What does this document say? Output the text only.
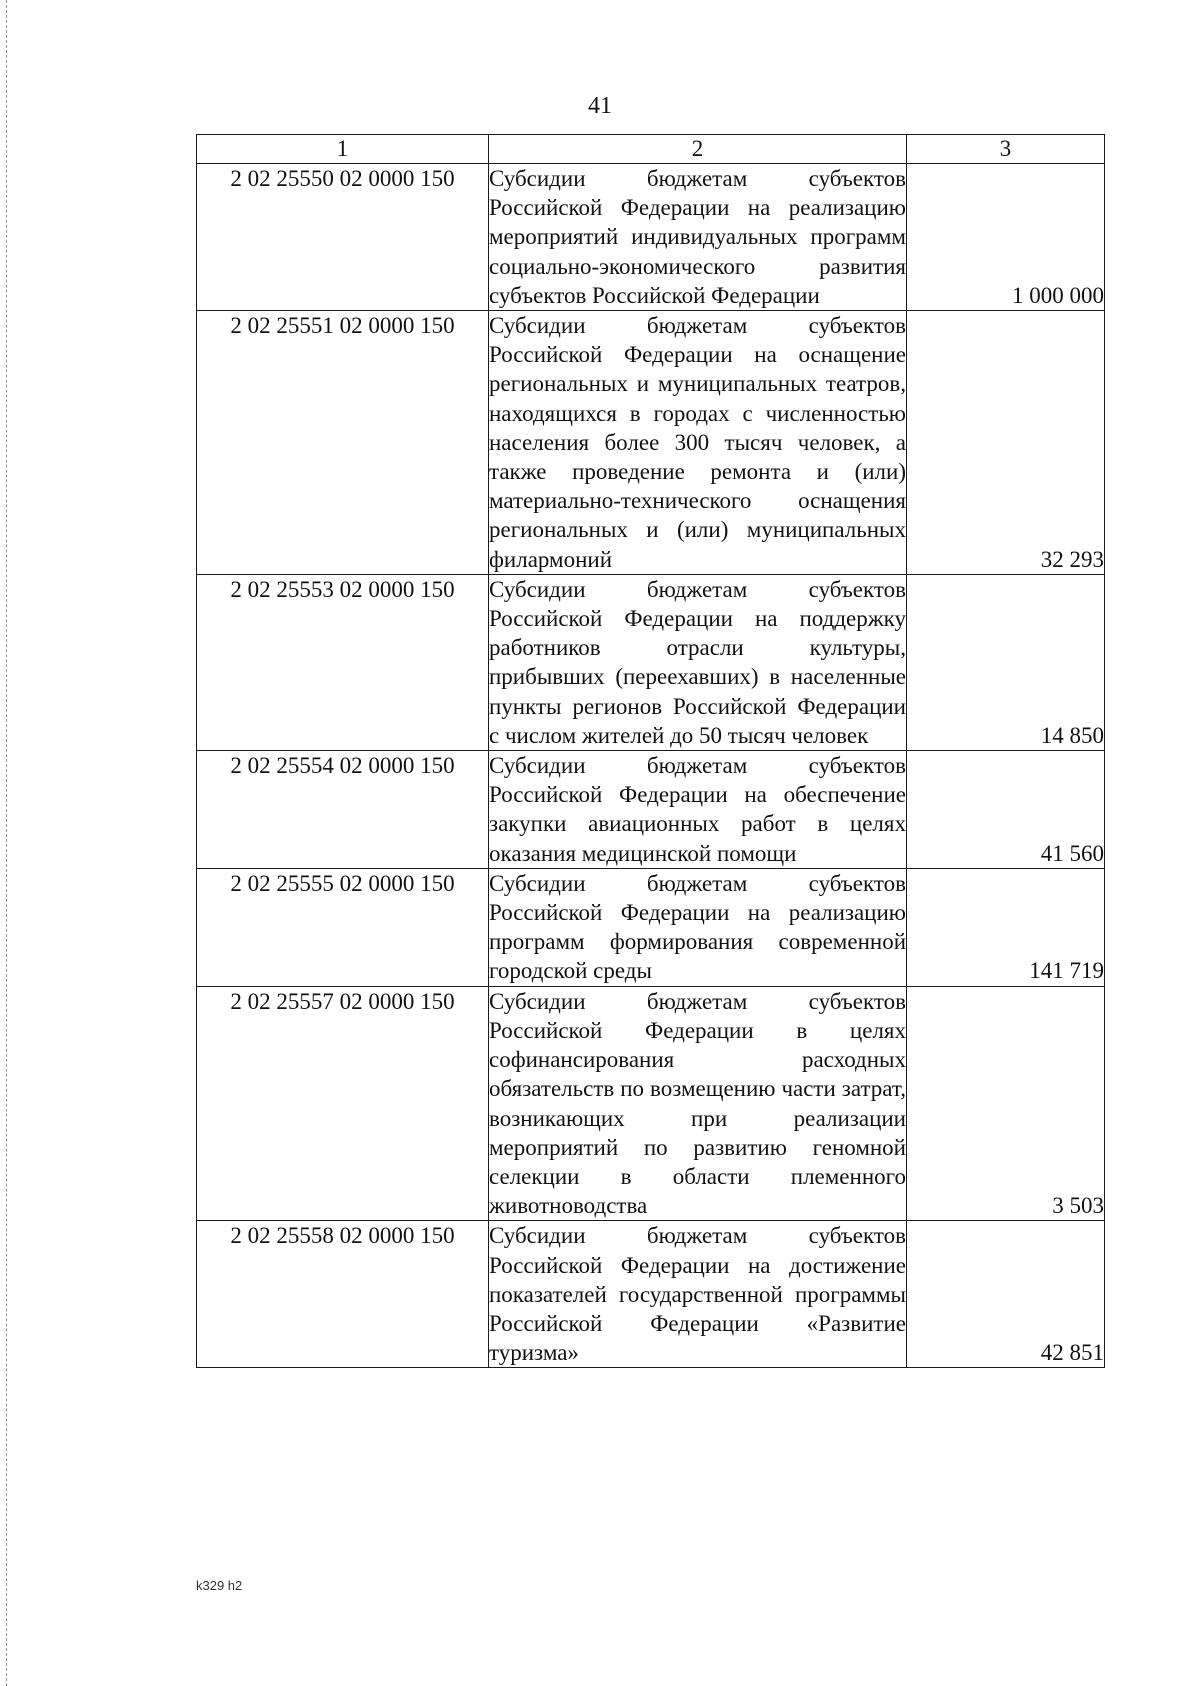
41
1	2	3
2 02 25550 02 0000 150	Субсидии бюджетам субъектов Российской Федерации на реализацию мероприятий индивидуальных программ социально-экономического развития субъектов Российской Федерации	1 000 000
2 02 25551 02 0000 150	Субсидии бюджетам субъектов Российской Федерации на оснащение региональных и муниципальных театров, находящихся в городах с численностью населения более 300 тысяч человек, а также проведение ремонта и (или) материально-технического оснащения региональных и (или) муниципальных филармоний	32 293
2 02 25553 02 0000 150	Субсидии бюджетам субъектов Российской Федерации на поддержку работников отрасли культуры, прибывших (переехавших) в населенные пункты регионов Российской Федерации с числом жителей до 50 тысяч человек	14 850
2 02 25554 02 0000 150	Субсидии бюджетам субъектов Российской Федерации на обеспечение закупки авиационных работ в целях оказания медицинской помощи	41 560
2 02 25555 02 0000 150	Субсидии бюджетам субъектов Российской Федерации на реализацию программ формирования современной городской среды	141 719
2 02 25557 02 0000 150	Субсидии бюджетам субъектов Российской Федерации в целях софинансирования расходных обязательств по возмещению части затрат, возникающих при реализации мероприятий по развитию геномной селекции в области племенного животноводства	3 503
2 02 25558 02 0000 150	Субсидии бюджетам субъектов Российской Федерации на достижение показателей государственной программы Российской Федерации «Развитие туризма»	42 851
k329 h2
